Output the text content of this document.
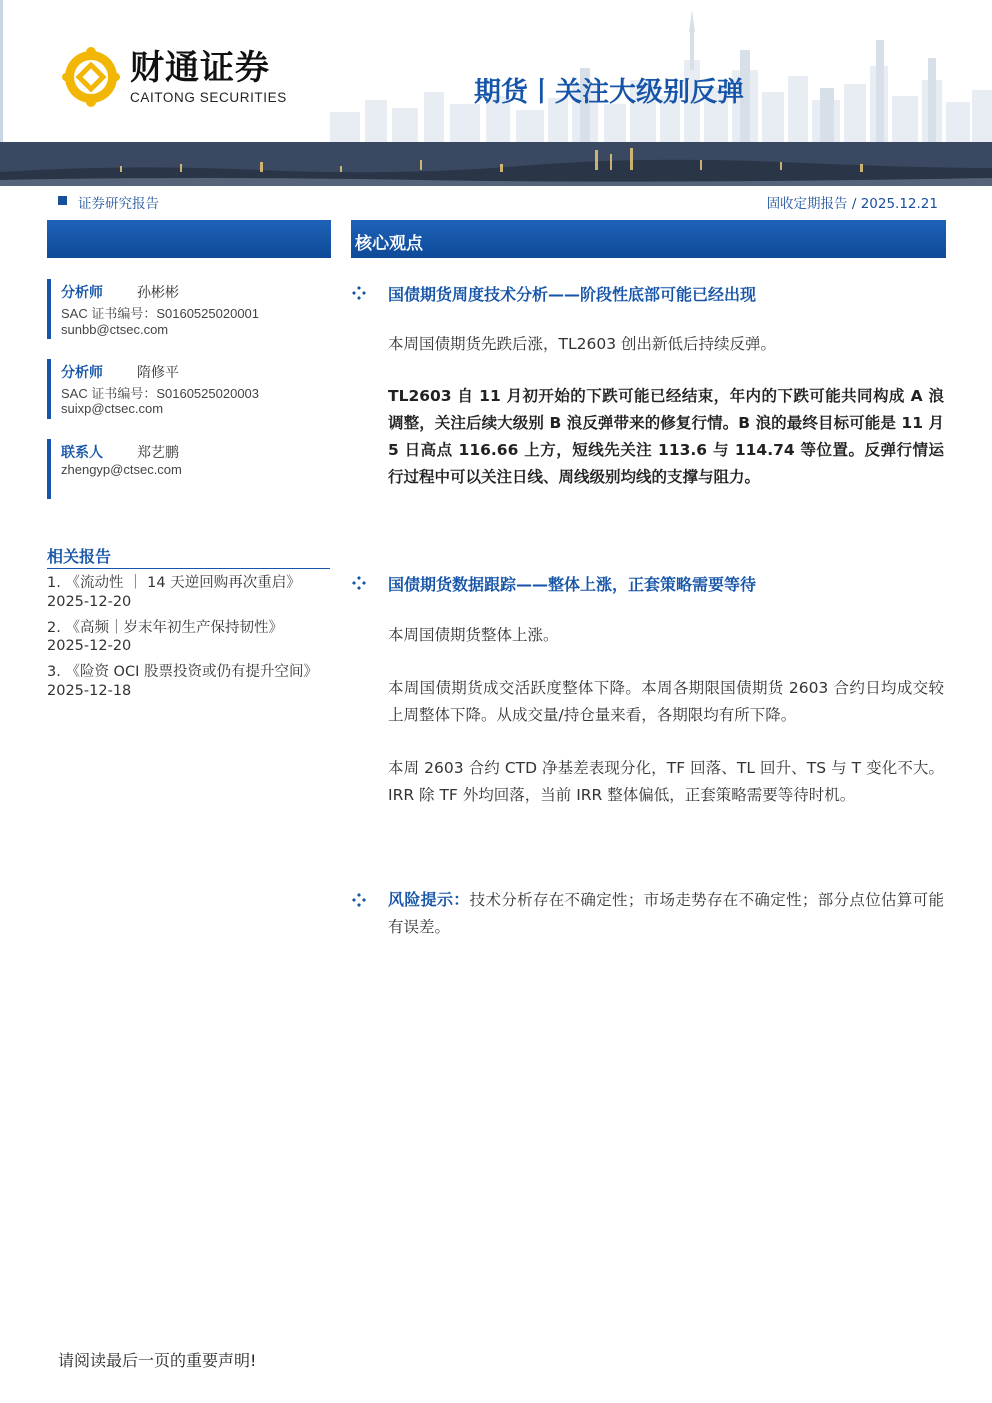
财通证券
CAITONG SECURITIES	期货丨关注大级别反弹
证券研究报告	固收定期报告 / 2025.12.21
分析师 孙彬彬
SAC 证书编号：S0160525020001
sunbb@ctsec.com
分析师 隋修平
SAC 证书编号：S0160525020003
suixp@ctsec.com
联系人 郑艺鹏
zhengyp@ctsec.com
相关报告
1. 《流动性 ｜ 14 天逆回购再次重启》
2025-12-20
2. 《高频｜岁末年初生产保持韧性》
2025-12-20
3. 《险资 OCI 股票投资或仍有提升空间》
2025-12-18
核心观点
国债期货周度技术分析——阶段性底部可能已经出现
本周国债期货先跌后涨，TL2603 创出新低后持续反弹。
TL2603 自 11 月初开始的下跌可能已经结束，年内的下跌可能共同构成 A 浪调整，关注后续大级别 B 浪反弹带来的修复行情。B 浪的最终目标可能是 11 月 5 日高点 116.66 上方，短线先关注 113.6 与 114.74 等位置。反弹行情运行过程中可以关注日线、周线级别均线的支撑与阻力。
国债期货数据跟踪——整体上涨，正套策略需要等待
本周国债期货整体上涨。
本周国债期货成交活跃度整体下降。本周各期限国债期货 2603 合约日均成交较上周整体下降。从成交量/持仓量来看，各期限均有所下降。
本周 2603 合约 CTD 净基差表现分化，TF 回落、TL 回升、TS 与 T 变化不大。IRR 除 TF 外均回落，当前 IRR 整体偏低，正套策略需要等待时机。
风险提示：技术分析存在不确定性；市场走势存在不确定性；部分点位估算可能有误差。
请阅读最后一页的重要声明!
